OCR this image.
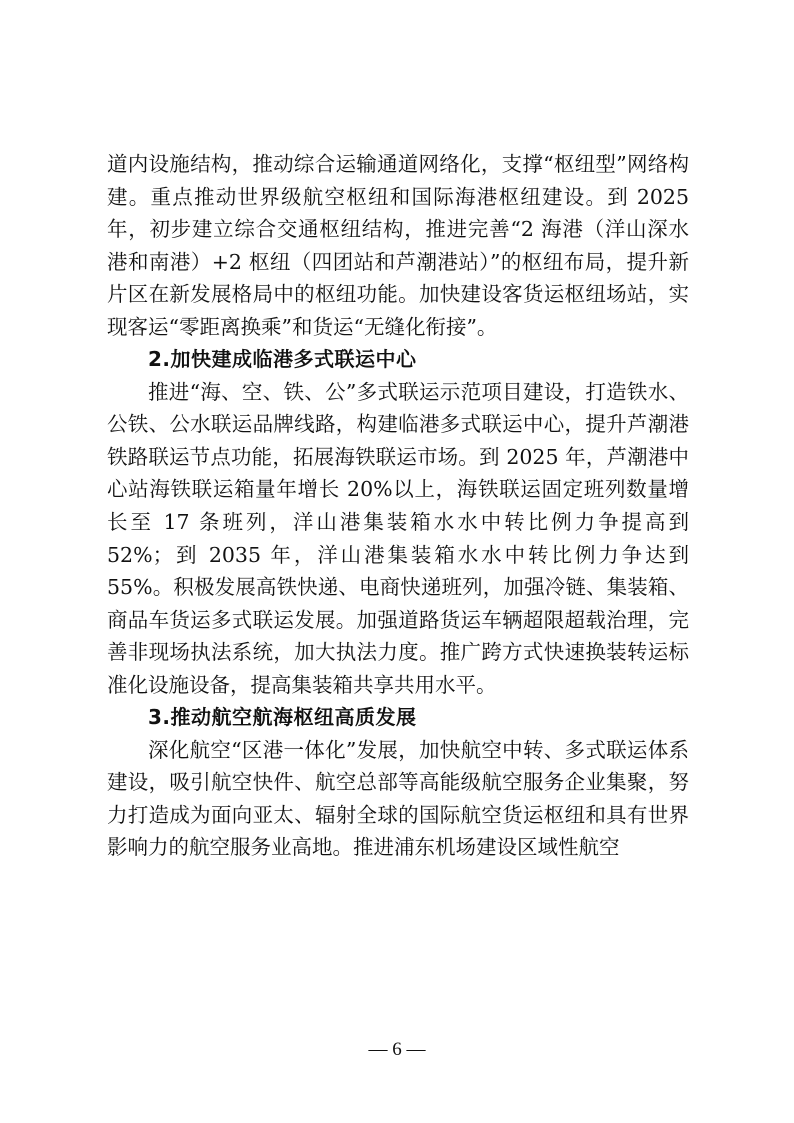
道内设施结构，推动综合运输通道网络化，支撑“枢纽型”网络构建。重点推动世界级航空枢纽和国际海港枢纽建设。到 2025 年，初步建立综合交通枢纽结构，推进完善“2 海港（洋山深水港和南港）+2 枢纽（四团站和芦潮港站）”的枢纽布局，提升新片区在新发展格局中的枢纽功能。加快建设客货运枢纽场站，实现客运“零距离换乘”和货运“无缝化衔接”。

2.加快建成临港多式联运中心

推进“海、空、铁、公”多式联运示范项目建设，打造铁水、公铁、公水联运品牌线路，构建临港多式联运中心，提升芦潮港铁路联运节点功能，拓展海铁联运市场。到 2025 年，芦潮港中心站海铁联运箱量年增长 20%以上，海铁联运固定班列数量增长至 17 条班列，洋山港集装箱水水中转比例力争提高到 52%；到 2035 年，洋山港集装箱水水中转比例力争达到 55%。积极发展高铁快递、电商快递班列，加强冷链、集装箱、商品车货运多式联运发展。加强道路货运车辆超限超载治理，完善非现场执法系统，加大执法力度。推广跨方式快速换装转运标准化设施设备，提高集装箱共享共用水平。

3.推动航空航海枢纽高质发展

深化航空“区港一体化”发展，加快航空中转、多式联运体系建设，吸引航空快件、航空总部等高能级航空服务企业集聚，努力打造成为面向亚太、辐射全球的国际航空货运枢纽和具有世界影响力的航空服务业高地。推进浦东机场建设区域性航空

— 6 —
